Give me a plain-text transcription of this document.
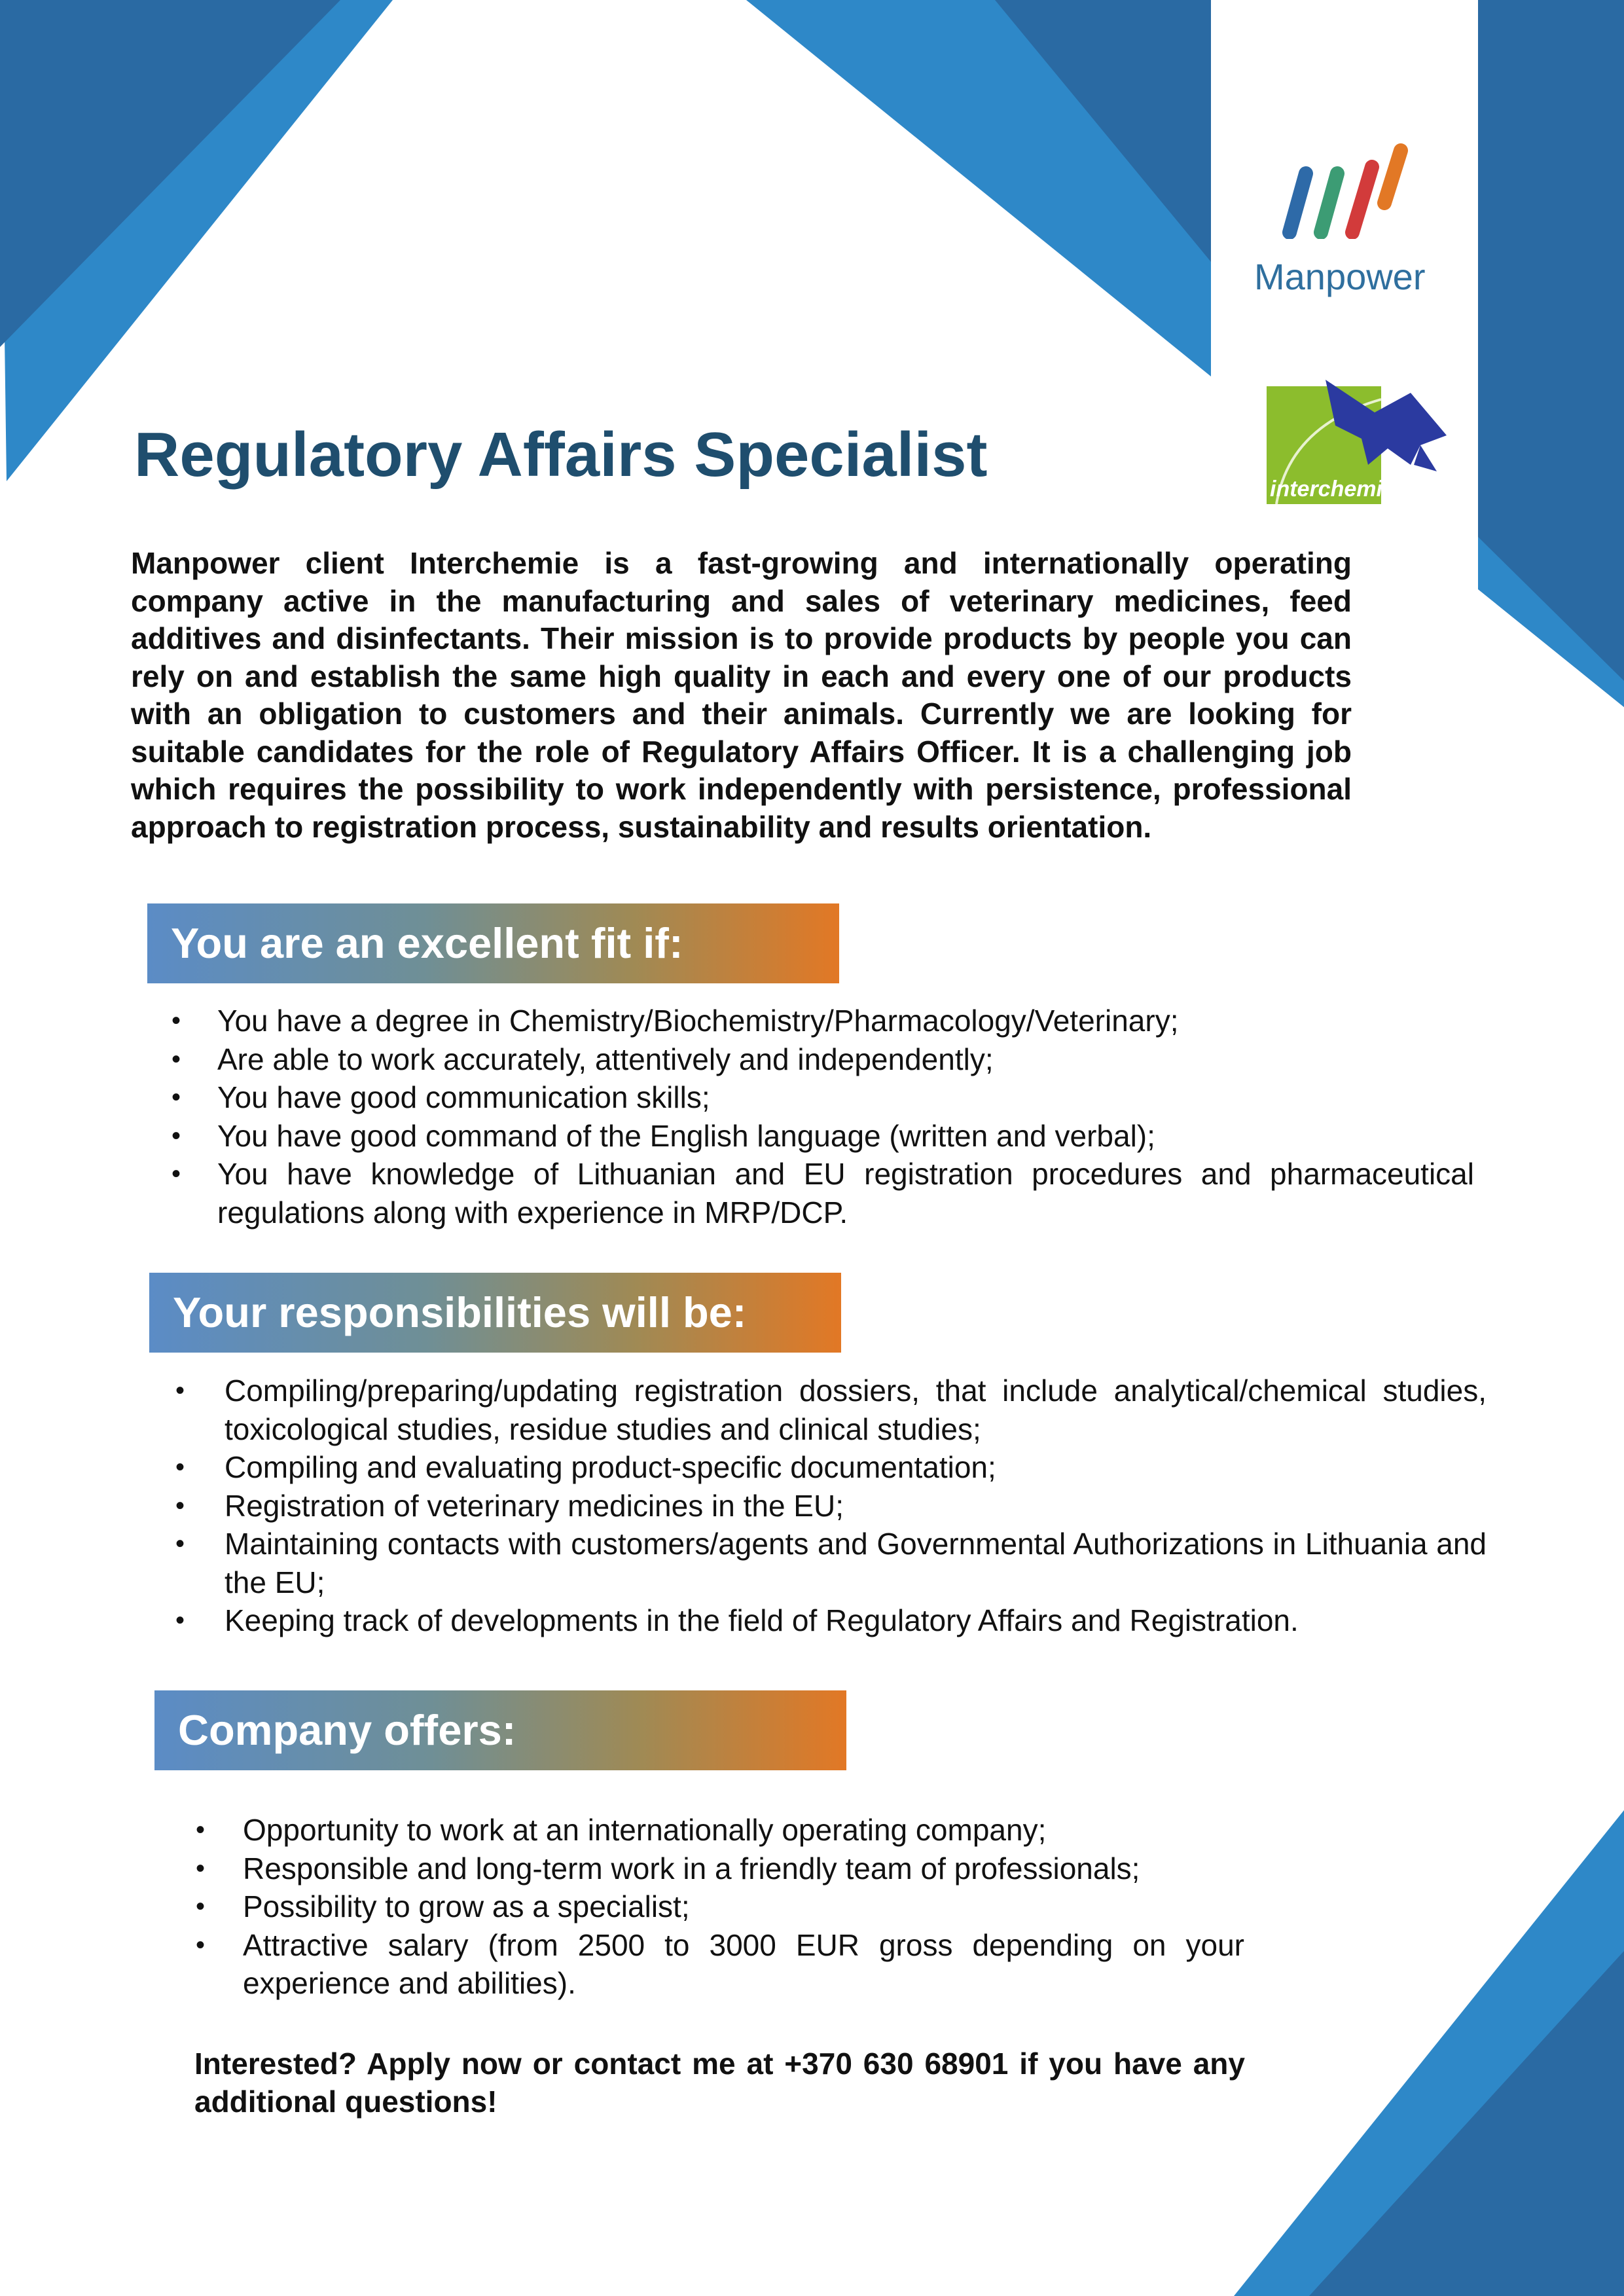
Manpower
interchemie
Regulatory Affairs Specialist

Manpower client Interchemie is a fast-growing and internationally operating company active in the manufacturing and sales of veterinary medicines, feed additives and disinfectants. Their mission is to provide products by people you can rely on and establish the same high quality in each and every one of our products with an obligation to customers and their animals. Currently we are looking for suitable candidates for the role of Regulatory Affairs Officer. It is a challenging job which requires the possibility to work independently with persistence, professional approach to registration process, sustainability and results orientation.

You are an excellent fit if:
• You have a degree in Chemistry/Biochemistry/Pharmacology/Veterinary;
• Are able to work accurately, attentively and independently;
• You have good communication skills;
• You have good command of the English language (written and verbal);
• You have knowledge of Lithuanian and EU registration procedures and pharmaceutical regulations along with experience in MRP/DCP.
Your responsibilities will be:
• Compiling/preparing/updating registration dossiers, that include analytical/chemical studies, toxicological studies, residue studies and clinical studies;
• Compiling and evaluating product-specific documentation;
• Registration of veterinary medicines in the EU;
• Maintaining contacts with customers/agents and Governmental Authorizations in Lithuania and the EU;
• Keeping track of developments in the field of Regulatory Affairs and Registration.
Company offers:
• Opportunity to work at an internationally operating company;
• Responsible and long-term work in a friendly team of professionals;
• Possibility to grow as a specialist;
• Attractive salary (from 2500 to 3000 EUR gross depending on your experience and abilities).

Interested? Apply now or contact me at +370 630 68901 if you have any additional questions!
